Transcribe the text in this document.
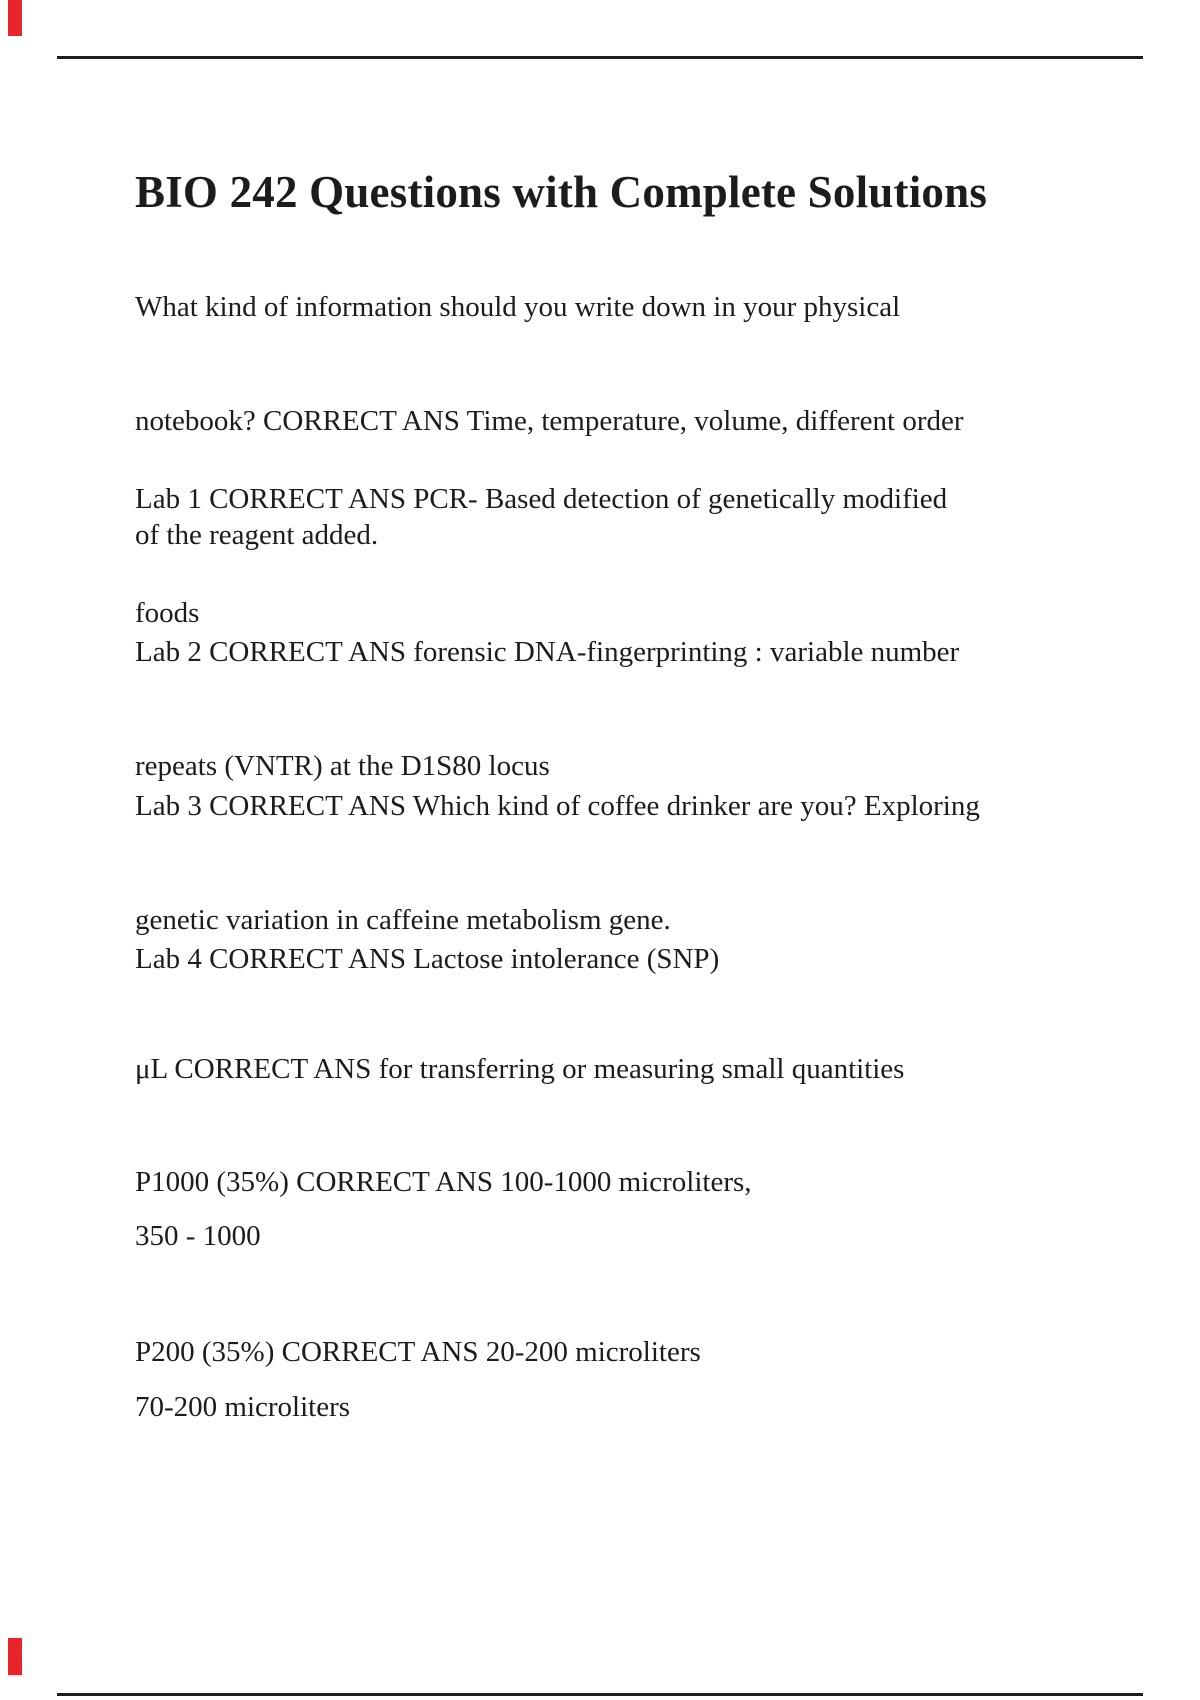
BIO 242 Questions with Complete Solutions

What kind of information should you write down in your physical

notebook? CORRECT ANS Time, temperature, volume, different order

of the reagent added.

Lab 1 CORRECT ANS PCR- Based detection of genetically modified

foods

Lab 2 CORRECT ANS forensic DNA-fingerprinting : variable number

repeats (VNTR) at the D1S80 locus

Lab 3 CORRECT ANS Which kind of coffee drinker are you? Exploring

genetic variation in caffeine metabolism gene.

Lab 4 CORRECT ANS Lactose intolerance (SNP)

μL CORRECT ANS for transferring or measuring small quantities

P1000 (35%) CORRECT ANS 100-1000 microliters,

350 - 1000

P200 (35%) CORRECT ANS 20-200 microliters

70-200 microliters
